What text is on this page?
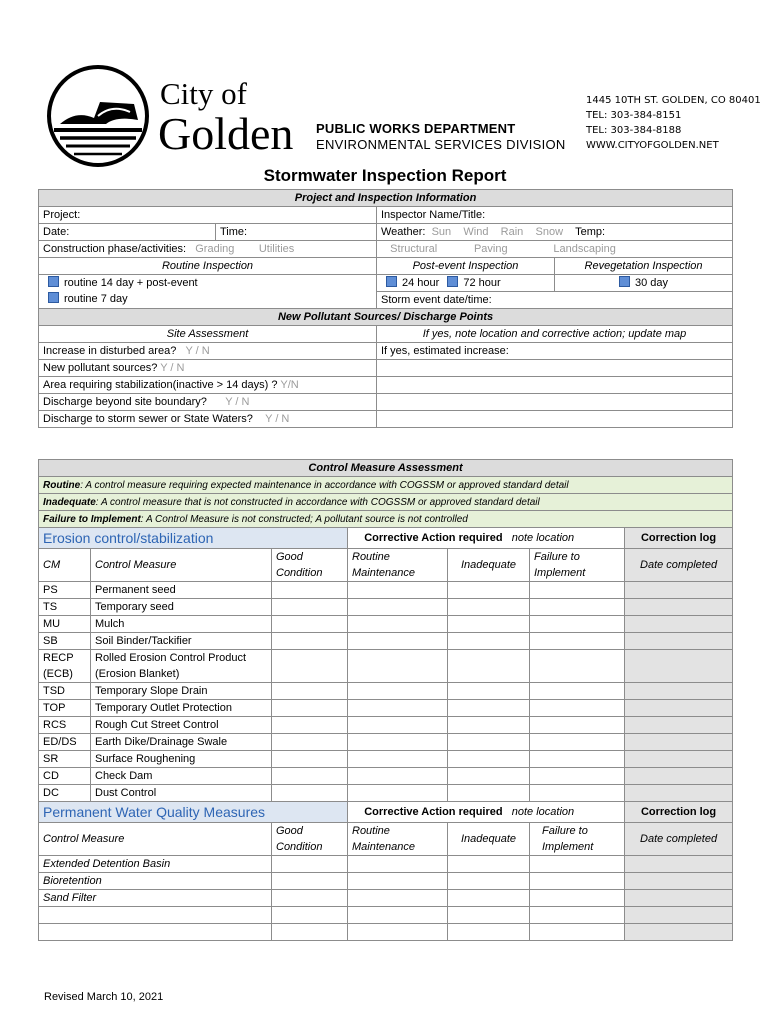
City of
Golden PUBLIC WORKS DEPARTMENT
ENVIRONMENTAL SERVICES DIVISION
1445 10TH ST. GOLDEN, CO 80401
TEL: 303-384-8151
TEL: 303-384-8188
WWW.CITYOFGOLDEN.NET
Stormwater Inspection Report
Project and Inspection Information			
Project:		Inspector Name/Title:	
Date:	Time:	Weather: Sun Wind Rain Snow Temp:	
Construction phase/activities: Grading Utilities		Structural Paving Landscaping	
Routine Inspection		Post-event Inspection	Revegetation Inspection
routine 14 day + post-event		24 hour 72 hour	30 day
routine 7 day		Storm event date/time:	
New Pollutant Sources/ Discharge Points			
Site Assessment		If yes, note location and corrective action; update map	
Increase in disturbed area? Y / N		If yes, estimated increase:	
New pollutant sources? Y / N			
Area requiring stabilization(inactive > 14 days) ? Y/N			
Discharge beyond site boundary? Y / N			
Discharge to storm sewer or State Waters? Y / N			
Control Measure Assessment						
Routine: A control measure requiring expected maintenance in accordance with COGSSM or approved standard detail						
Inadequate: A control measure that is not constructed in accordance with COGSSM or approved standard detail						
Failure to Implement: A Control Measure is not constructed; A pollutant source is not controlled						
Erosion control/stabilization			Corrective Action required note location			Correction log
CM	Control Measure	Good Condition	Routine Maintenance	Inadequate	Failure to Implement	Date completed
PS	Permanent seed					
TS	Temporary seed					
MU	Mulch					
SB	Soil Binder/Tackifier					
RECP	Rolled Erosion Control Product					
(ECB)	(Erosion Blanket)					
TSD	Temporary Slope Drain					
TOP	Temporary Outlet Protection					
RCS	Rough Cut Street Control					
ED/DS	Earth Dike/Drainage Swale					
SR	Surface Roughening					
CD	Check Dam					
DC	Dust Control					
Permanent Water Quality Measures			Corrective Action required note location			Correction log
Control Measure		Good Condition	Routine Maintenance	Inadequate	Failure to Implement	Date completed
Extended Detention Basin						
Bioretention						
Sand Filter						

Revised March 10, 2021
